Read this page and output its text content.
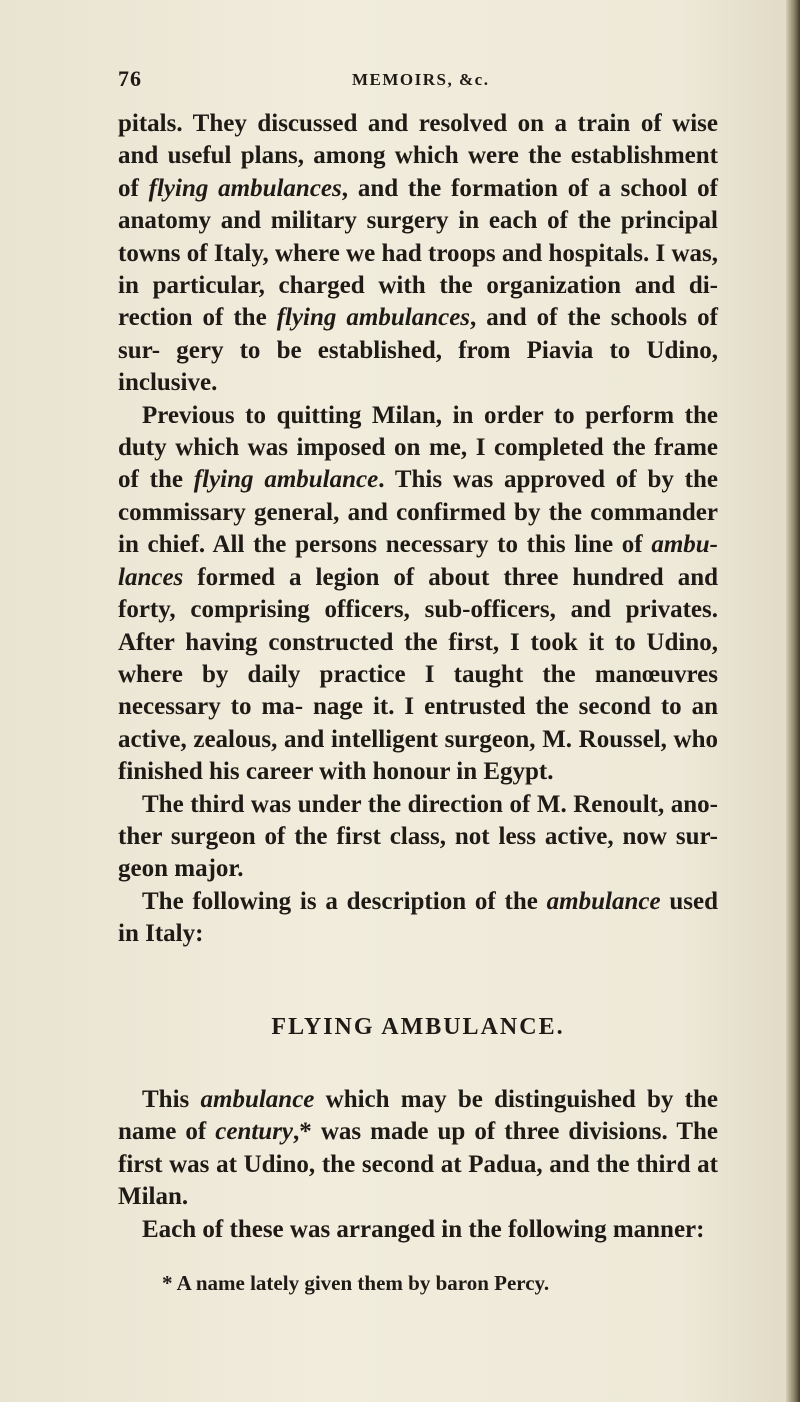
76	MEMOIRS, &c.

pitals. They discussed and resolved on a train of wise and useful plans, among which were the establishment of flying ambulances, and the formation of a school of anatomy and military surgery in each of the principal towns of Italy, where we had troops and hospitals. I was, in particular, charged with the organization and di- rection of the flying ambulances, and of the schools of sur- gery to be established, from Piavia to Udino, inclusive.

Previous to quitting Milan, in order to perform the duty which was imposed on me, I completed the frame of the flying ambulance. This was approved of by the commissary general, and confirmed by the commander in chief. All the persons necessary to this line of ambu- lances formed a legion of about three hundred and forty, comprising officers, sub-officers, and privates. After having constructed the first, I took it to Udino, where by daily practice I taught the manœuvres necessary to ma- nage it. I entrusted the second to an active, zealous, and intelligent surgeon, M. Roussel, who finished his career with honour in Egypt.

The third was under the direction of M. Renoult, ano- ther surgeon of the first class, not less active, now sur- geon major.

The following is a description of the ambulance used in Italy:

FLYING AMBULANCE.

This ambulance which may be distinguished by the name of century,* was made up of three divisions. The first was at Udino, the second at Padua, and the third at Milan.

Each of these was arranged in the following manner:

* A name lately given them by baron Percy.
